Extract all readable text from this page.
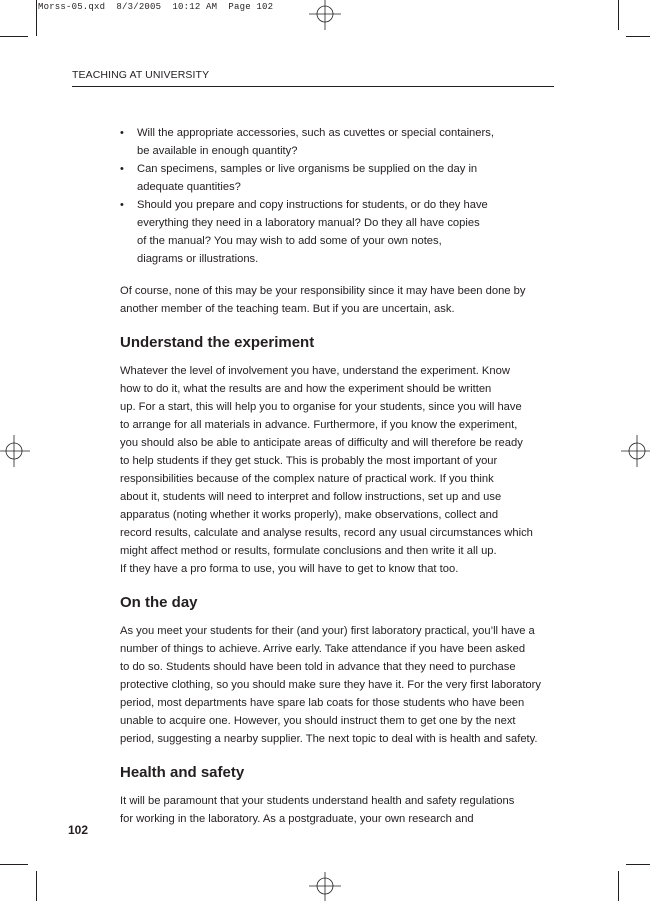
Morss-05.qxd  8/3/2005  10:12 AM  Page 102
TEACHING AT UNIVERSITY
• Will the appropriate accessories, such as cuvettes or special containers,
be available in enough quantity?
• Can specimens, samples or live organisms be supplied on the day in
adequate quantities?
• Should you prepare and copy instructions for students, or do they have
everything they need in a laboratory manual? Do they all have copies
of the manual? You may wish to add some of your own notes,
diagrams or illustrations.

Of course, none of this may be your responsibility since it may have been done by
another member of the teaching team. But if you are uncertain, ask.

Understand the experiment

Whatever the level of involvement you have, understand the experiment. Know
how to do it, what the results are and how the experiment should be written
up. For a start, this will help you to organise for your students, since you will have
to arrange for all materials in advance. Furthermore, if you know the experiment,
you should also be able to anticipate areas of difficulty and will therefore be ready
to help students if they get stuck. This is probably the most important of your
responsibilities because of the complex nature of practical work. If you think
about it, students will need to interpret and follow instructions, set up and use
apparatus (noting whether it works properly), make observations, collect and
record results, calculate and analyse results, record any usual circumstances which
might affect method or results, formulate conclusions and then write it all up.
If they have a pro forma to use, you will have to get to know that too.

On the day

As you meet your students for their (and your) first laboratory practical, you’ll have a
number of things to achieve. Arrive early. Take attendance if you have been asked
to do so. Students should have been told in advance that they need to purchase
protective clothing, so you should make sure they have it. For the very first laboratory
period, most departments have spare lab coats for those students who have been
unable to acquire one. However, you should instruct them to get one by the next
period, suggesting a nearby supplier. The next topic to deal with is health and safety.

Health and safety

It will be paramount that your students understand health and safety regulations
for working in the laboratory. As a postgraduate, your own research and

102
